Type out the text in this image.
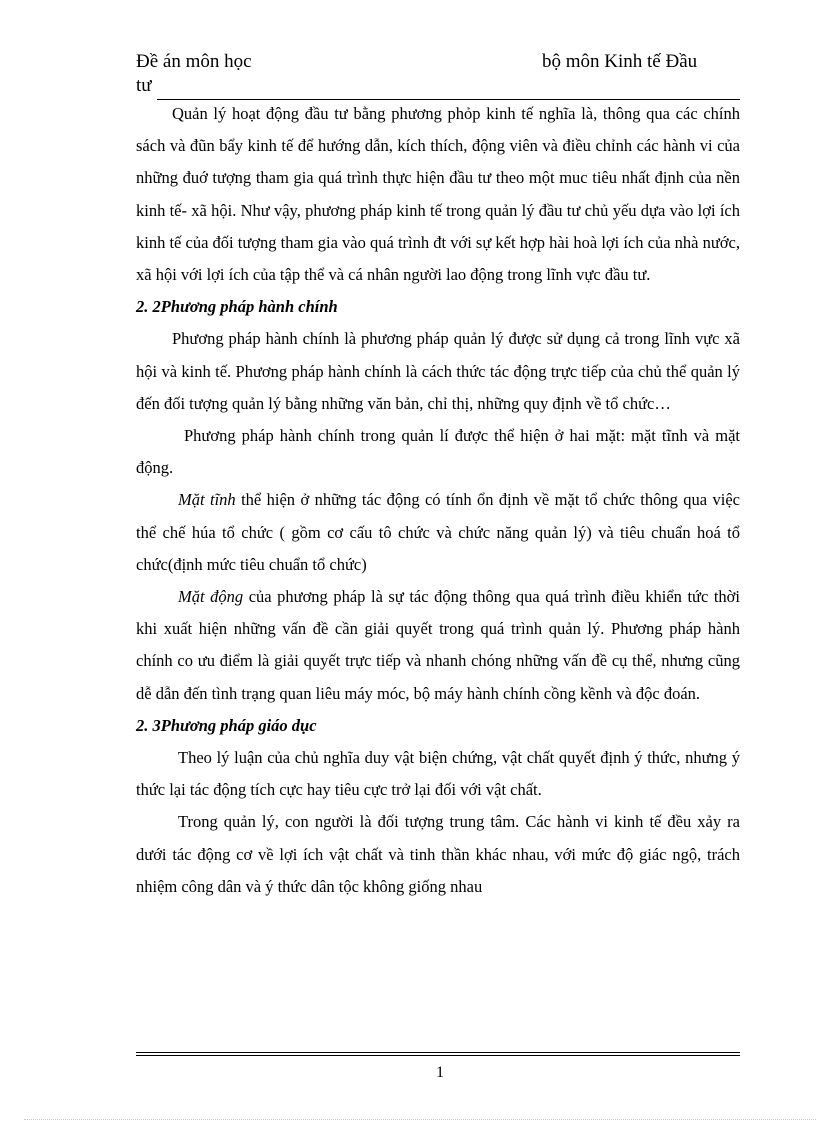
Đề án môn học
tư
bộ môn Kinh tế Đầu

Quản lý hoạt động đầu tư bằng phương phỏp kinh tế nghĩa là, thông qua các chính sách và đũn bẩy kinh tế để hướng dẫn, kích thích, động viên và điều chỉnh các hành vi của những đuớ tượng tham gia quá trình thực hiện đầu tư theo một muc tiêu nhất định của nền kinh tế- xã hội. Như vậy, phương pháp kinh tế trong quản lý đầu tư chủ yếu dựa vào lợi ích kinh tế của đối tượng tham gia vào quá trình đt với sự kết hợp hài hoà lợi ích của nhà nước, xã hội với lợi ích của tập thể và cá nhân người lao động trong lĩnh vực đầu tư.

2. 2Phương pháp hành chính

Phương pháp hành chính là phương pháp quản lý được sử dụng cả trong lĩnh vực xã hội và kinh tế. Phương pháp hành chính là cách thức tác động trực tiếp của chủ thể quản lý đến đối tượng quản lý bằng những văn bản, chỉ thị, những quy định về tổ chức…

Phương pháp hành chính trong quản lí được thể hiện ở hai mặt: mặt tĩnh và mặt động.

Mặt tĩnh thể hiện ở những tác động có tính ổn định về mặt tổ chức thông qua việc thể chế húa tổ chức ( gồm cơ cấu tô chức và chức năng quản lý) và tiêu chuẩn hoá tổ chức(định mức tiêu chuẩn tổ chức)

Mặt động của phương pháp là sự tác động thông qua quá trình điều khiển tức thời khi xuất hiện những vấn đề cần giải quyết trong quá trình quản lý. Phương pháp hành chính co ưu điểm là giải quyết trực tiếp và nhanh chóng những vấn đề cụ thể, nhưng cũng dễ dẫn đến tình trạng quan liêu máy móc, bộ máy hành chính cồng kềnh và độc đoán.

2. 3Phương pháp giáo dục

Theo lý luận của chủ nghĩa duy vật biện chứng, vật chất quyết định ý thức, nhưng ý thức lại tác động tích cực hay tiêu cực trở lại đối với vật chất.

Trong quản lý, con người là đối tượng trung tâm. Các hành vi kinh tế đều xảy ra dưới tác động cơ về lợi ích vật chất và tinh thần khác nhau, với mức độ giác ngộ, trách nhiệm công dân và ý thức dân tộc không giống nhau

1
